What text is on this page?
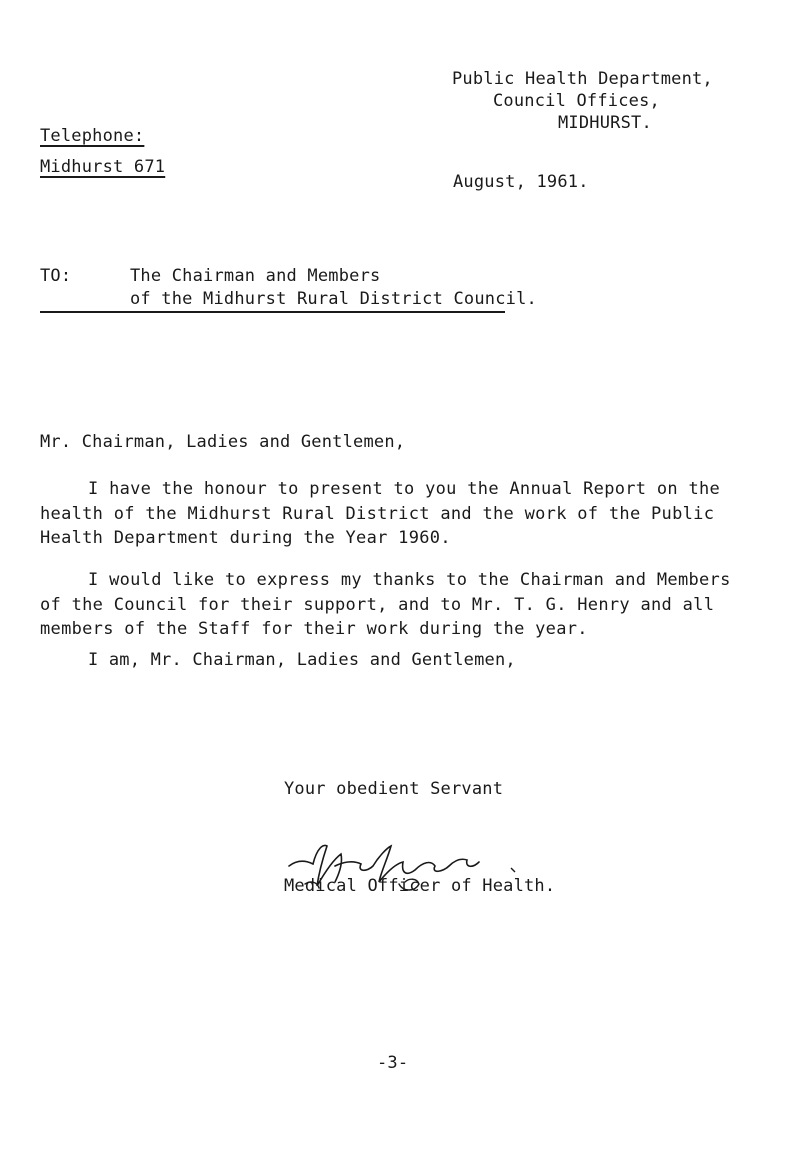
Public Health Department,
Council Offices,
MIDHURST.
Telephone:
Midhurst 671
August, 1961.
TO:	The Chairman and Members
of the Midhurst Rural District Council.
Mr. Chairman, Ladies and Gentlemen,

I have the honour to present to you the Annual Report on the health of the Midhurst Rural District and the work of the Public Health Department during the Year 1960.

I would like to express my thanks to the Chairman and Members of the Council for their support, and to Mr. T. G. Henry and all members of the Staff for their work during the year.

I am, Mr. Chairman, Ladies and Gentlemen,
Your obedient Servant
Medical Officer of Health.
-3-
